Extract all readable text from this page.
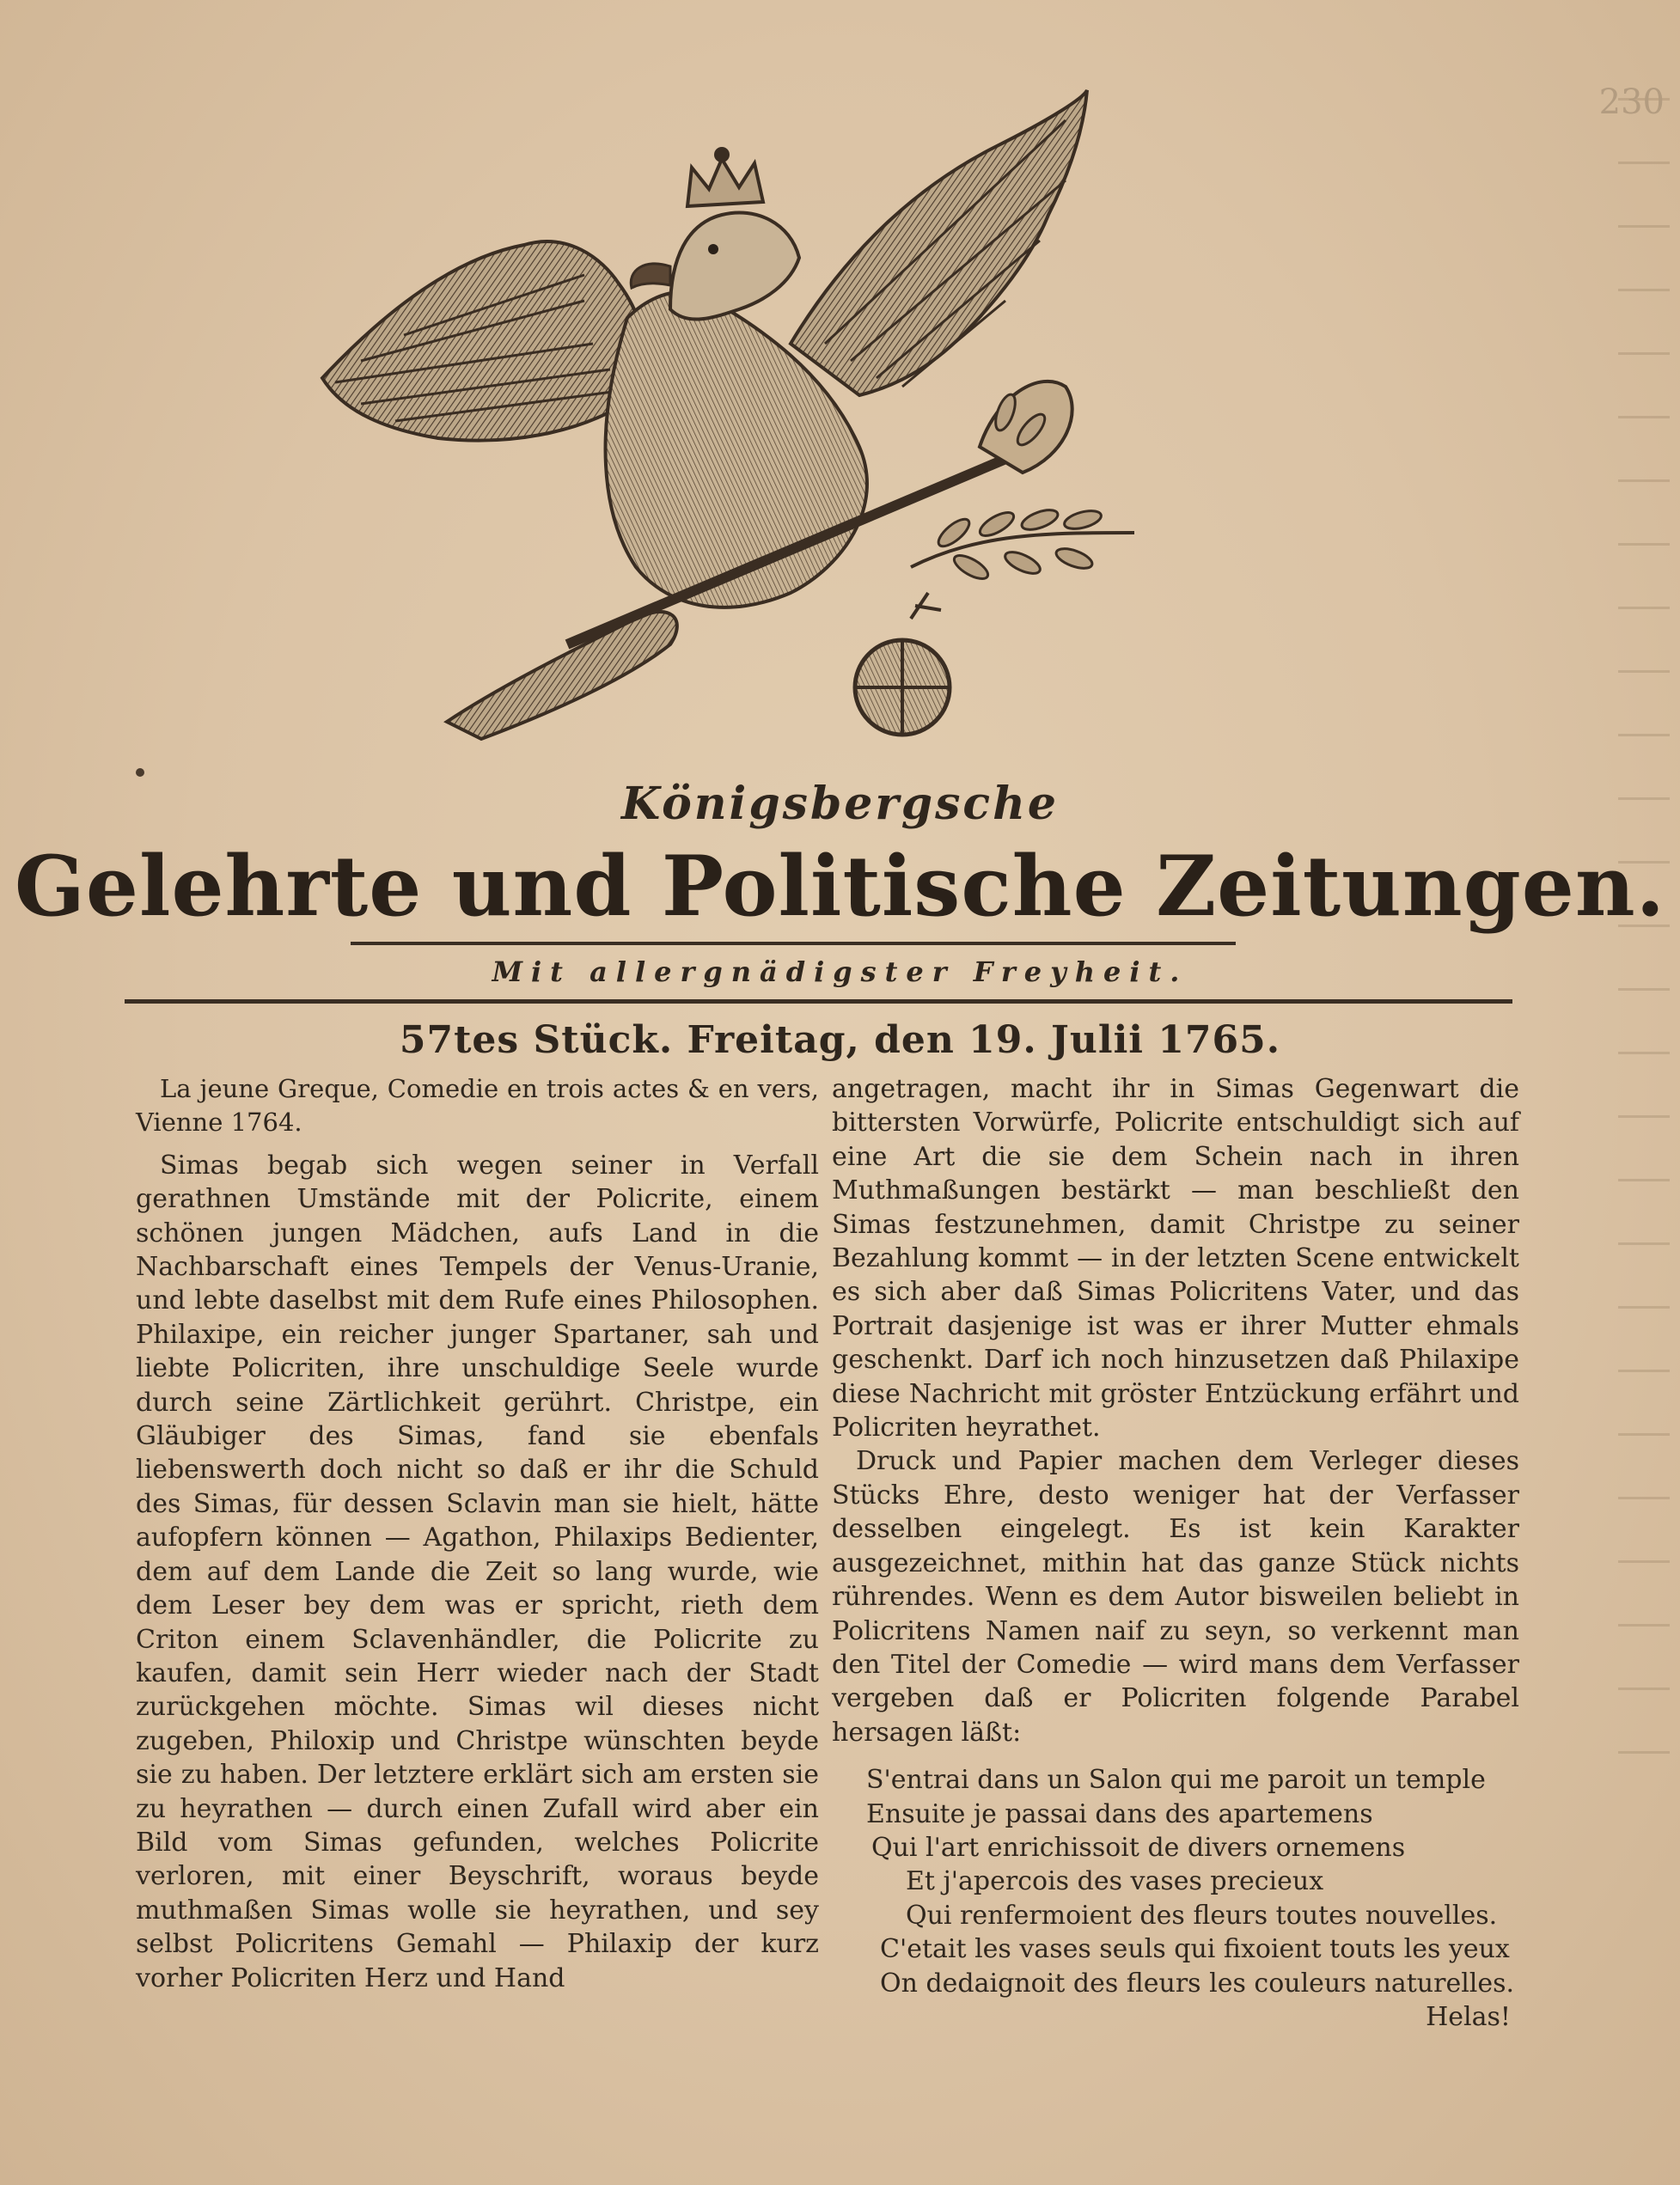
230
Königsbergsche
Gelehrte und Politische Zeitungen.
Mit allergnädigster Freyheit.
57tes Stück. Freitag, den 19. Julii 1765.

La jeune Greque, Comedie en trois actes & en vers, Vienne 1764.

Simas begab sich wegen seiner in Verfall gerathnen Umstände mit der Policrite, einem schönen jungen Mädchen, aufs Land in die Nachbarschaft eines Tempels der Venus-Uranie, und lebte daselbst mit dem Rufe eines Philosophen. Philaxipe, ein reicher junger Spartaner, sah und liebte Policriten, ihre unschuldige Seele wurde durch seine Zärtlichkeit gerührt. Christpe, ein Gläubiger des Simas, fand sie ebenfals liebenswerth doch nicht so daß er ihr die Schuld des Simas, für dessen Sclavin man sie hielt, hätte aufopfern können — Agathon, Philaxips Bedienter, dem auf dem Lande die Zeit so lang wurde, wie dem Leser bey dem was er spricht, rieth dem Criton einem Sclavenhändler, die Policrite zu kaufen, damit sein Herr wieder nach der Stadt zurückgehen möchte. Simas wil dieses nicht zugeben, Philoxip und Christpe wünschten beyde sie zu haben. Der letztere erklärt sich am ersten sie zu heyrathen — durch einen Zufall wird aber ein Bild vom Simas gefunden, welches Policrite verloren, mit einer Beyschrift, woraus beyde muthmaßen Simas wolle sie heyrathen, und sey selbst Policritens Gemahl — Philaxip der kurz vorher Policriten Herz und Hand

angetragen, macht ihr in Simas Gegenwart die bittersten Vorwürfe, Policrite entschuldigt sich auf eine Art die sie dem Schein nach in ihren Muthmaßungen bestärkt — man beschließt den Simas festzunehmen, damit Christpe zu seiner Bezahlung kommt — in der letzten Scene entwickelt es sich aber daß Simas Policritens Vater, und das Portrait dasjenige ist was er ihrer Mutter ehmals geschenkt. Darf ich noch hinzusetzen daß Philaxipe diese Nachricht mit gröster Entzückung erfährt und Policriten heyrathet.

Druck und Papier machen dem Verleger dieses Stücks Ehre, desto weniger hat der Verfasser desselben eingelegt. Es ist kein Karakter ausgezeichnet, mithin hat das ganze Stück nichts rührendes. Wenn es dem Autor bisweilen beliebt in Policritens Namen naif zu seyn, so verkennt man den Titel der Comedie — wird mans dem Verfasser vergeben daß er Policriten folgende Parabel hersagen läßt:

S'entrai dans un Salon qui me paroit un temple
Ensuite je passai dans des apartemens
Qui l'art enrichissoit de divers ornemens
Et j'apercois des vases precieux
Qui renfermoient des fleurs toutes nouvelles.
C'etait les vases seuls qui fixoient touts les yeux
On dedaignoit des fleurs les couleurs naturelles.
Helas!
